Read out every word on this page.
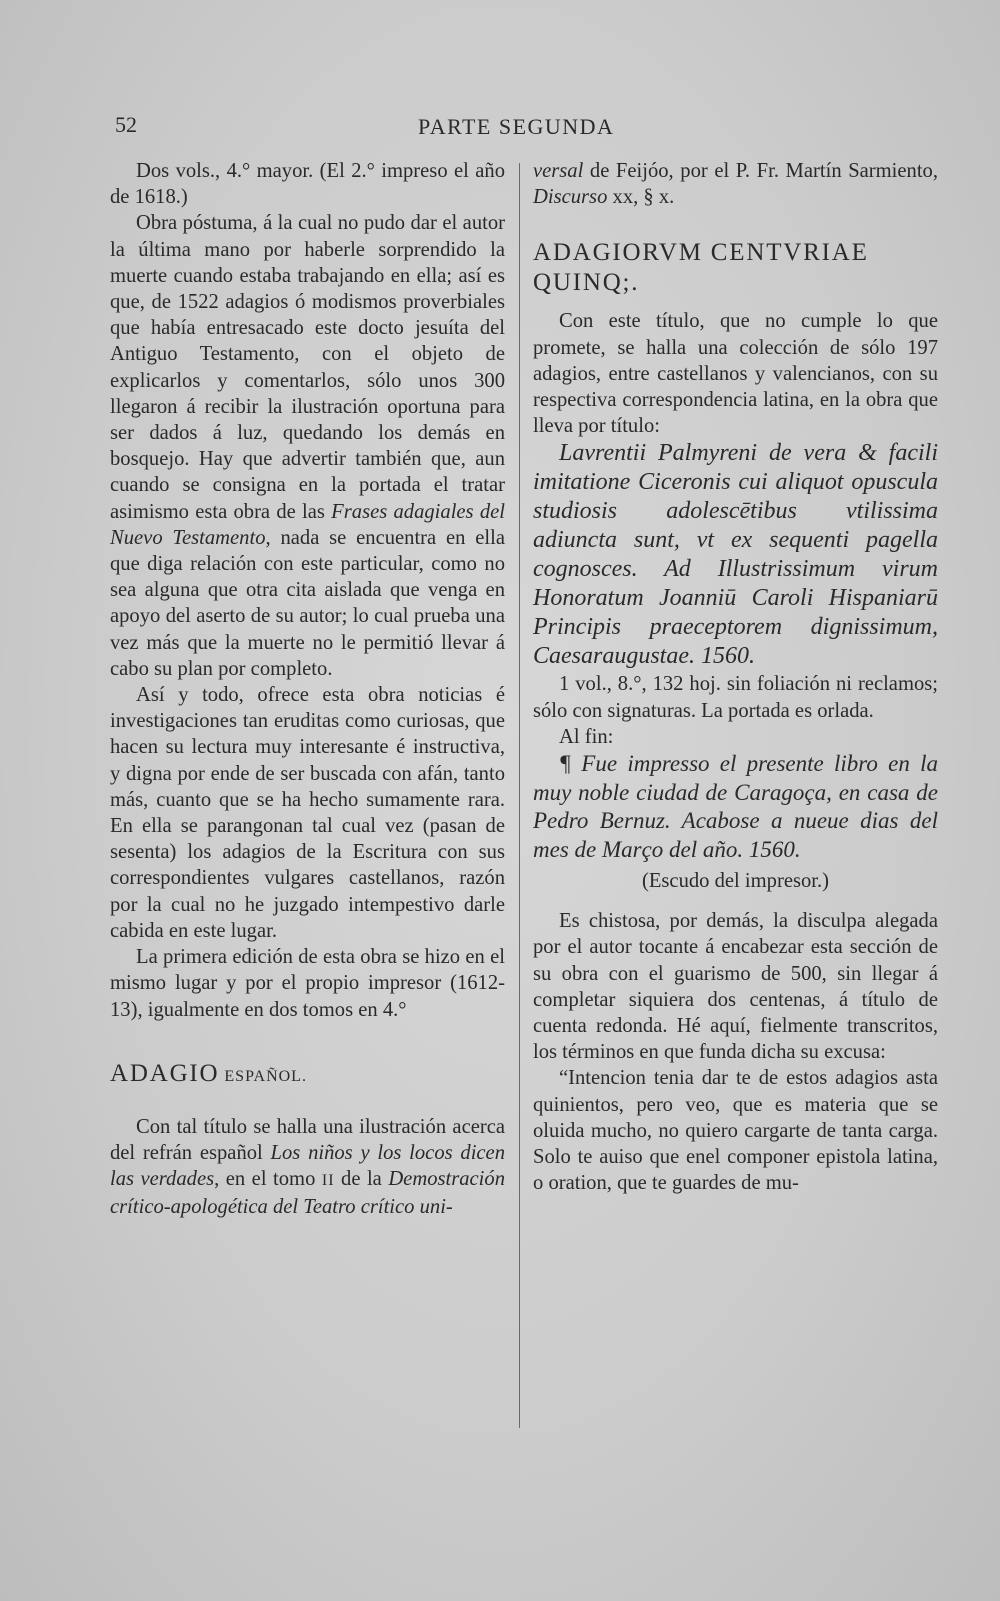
52	PARTE SEGUNDA

Dos vols., 4.° mayor. (El 2.° impreso el año de 1618.)

Obra póstuma, á la cual no pudo dar el autor la última mano por haberle sorprendido la muerte cuando estaba trabajando en ella; así es que, de 1522 adagios ó modismos proverbiales que había entresacado este docto jesuíta del Antiguo Testamento, con el objeto de explicarlos y comentarlos, sólo unos 300 llegaron á recibir la ilustración oportuna para ser dados á luz, quedando los demás en bosquejo. Hay que advertir también que, aun cuando se consigna en la portada el tratar asimismo esta obra de las Frases adagiales del Nuevo Testamento, nada se encuentra en ella que diga relación con este particular, como no sea alguna que otra cita aislada que venga en apoyo del aserto de su autor; lo cual prueba una vez más que la muerte no le permitió llevar á cabo su plan por completo.

Así y todo, ofrece esta obra noticias é investigaciones tan eruditas como curiosas, que hacen su lectura muy interesante é instructiva, y digna por ende de ser buscada con afán, tanto más, cuanto que se ha hecho sumamente rara. En ella se parangonan tal cual vez (pasan de sesenta) los adagios de la Escritura con sus correspondientes vulgares castellanos, razón por la cual no he juzgado intempestivo darle cabida en este lugar.

La primera edición de esta obra se hizo en el mismo lugar y por el propio impresor (1612-13), igualmente en dos tomos en 4.°

ADAGIO ESPAÑOL.

Con tal título se halla una ilustración acerca del refrán español Los niños y los locos dicen las verdades, en el tomo II de la Demostración crítico-apologética del Teatro crítico uni-

versal de Feijóo, por el P. Fr. Martín Sarmiento, Discurso xx, § x.

ADAGIORVM CENTVRIAE QUINQ;.

Con este título, que no cumple lo que promete, se halla una colección de sólo 197 adagios, entre castellanos y valencianos, con su respectiva correspondencia latina, en la obra que lleva por título:

Lavrentii Palmyreni de vera & facili imitatione Ciceronis cui aliquot opuscula studiosis adolescētibus vtilissima adiuncta sunt, vt ex sequenti pagella cognosces. Ad Illustrissimum virum Honoratum Joanniū Caroli Hispaniarū Principis praeceptorem dignissimum, Caesaraugustae. 1560.

1 vol., 8.°, 132 hoj. sin foliación ni reclamos; sólo con signaturas. La portada es orlada.

Al fin:

¶ Fue impresso el presente libro en la muy noble ciudad de Caragoça, en casa de Pedro Bernuz. Acabose a nueue dias del mes de Março del año. 1560.

(Escudo del impresor.)

Es chistosa, por demás, la disculpa alegada por el autor tocante á encabezar esta sección de su obra con el guarismo de 500, sin llegar á completar siquiera dos centenas, á título de cuenta redonda. Hé aquí, fielmente transcritos, los términos en que funda dicha su excusa:

“Intencion tenia dar te de estos adagios asta quinientos, pero veo, que es materia que se oluida mucho, no quiero cargarte de tanta carga. Solo te auiso que enel componer epistola latina, o oration, que te guardes de mu-
